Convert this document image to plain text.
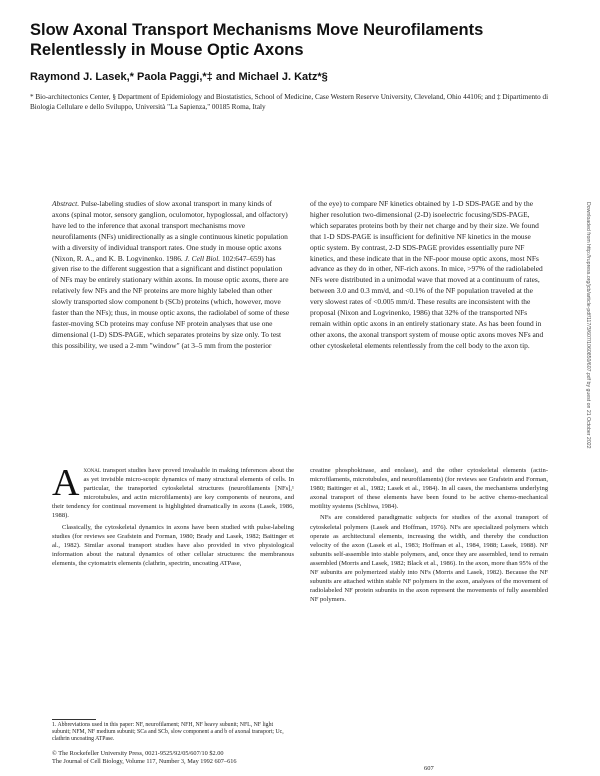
Slow Axonal Transport Mechanisms Move Neurofilaments Relentlessly in Mouse Optic Axons

Raymond J. Lasek,* Paola Paggi,*‡ and Michael J. Katz*§

* Bio-architectonics Center, § Department of Epidemiology and Biostatistics, School of Medicine, Case Western Reserve University, Cleveland, Ohio 44106; and ‡ Dipartimento di Biologia Cellulare e dello Sviluppo, Università "La Sapienza," 00185 Roma, Italy

Abstract. Pulse-labeling studies of slow axonal transport in many kinds of axons (spinal motor, sensory ganglion, oculomotor, hypoglossal, and olfactory) have led to the inference that axonal transport mechanisms move neurofilaments (NFs) unidirectionally as a single continuous kinetic population with a diversity of individual transport rates. One study in mouse optic axons (Nixon, R. A., and K. B. Logvinenko. 1986. J. Cell Biol. 102:647–659) has given rise to the different suggestion that a significant and distinct population of NFs may be entirely stationary within axons. In mouse optic axons, there are relatively few NFs and the NF proteins are more highly labeled than other slowly transported slow component b (SCb) proteins (which, however, move faster than the NFs); thus, in mouse optic axons, the radiolabel of some of these faster-moving SCb proteins may confuse NF protein analyses that use one dimensional (1-D) SDS-PAGE, which separates proteins by size only. To test this possibility, we used a 2-mm "window" (at 3–5 mm from the posterior
of the eye) to compare NF kinetics obtained by 1-D SDS-PAGE and by the higher resolution two-dimensional (2-D) isoelectric focusing/SDS-PAGE, which separates proteins both by their net charge and by their size. We found that 1-D SDS-PAGE is insufficient for definitive NF kinetics in the mouse optic system. By contrast, 2-D SDS-PAGE provides essentially pure NF kinetics, and these indicate that in the NF-poor mouse optic axons, most NFs advance as they do in other, NF-rich axons. In mice, >97% of the radiolabeled NFs were distributed in a unimodal wave that moved at a continuum of rates, between 3.0 and 0.3 mm/d, and <0.1% of the NF population traveled at the very slowest rates of <0.005 mm/d. These results are inconsistent with the proposal (Nixon and Logvinenko, 1986) that 32% of the transported NFs remain within optic axons in an entirely stationary state. As has been found in other axons, the axonal transport system of mouse optic axons moves NFs and other cytoskeletal elements relentlessly from the cell body to the axon tip.

Axonal transport studies have proved invaluable in making inferences about the as yet invisible micro-scopic dynamics of many structural elements of cells. In particular, the transported cytoskeletal structures (neurofilaments [NFs],¹ microtubules, and actin microfilaments) are key components of neurons, and their tendency for continual movement is highlighted dramatically in axons (Lasek, 1986, 1988).

Classically, the cytoskeletal dynamics in axons have been studied with pulse-labeling studies (for reviews see Grafstein and Forman, 1980; Brady and Lasek, 1982; Baitinger et al., 1982). Similar axonal transport studies have also provided in vivo physiological information about the natural dynamics of other cellular structures: the membranous elements, the cytomatrix elements (clathrin, spectrin, uncoating ATPase,

creatine phosphokinase, and enolase), and the other cytoskeletal elements (actin-microfilaments, microtubules, and neurofilaments) (for reviews see Grafstein and Forman, 1980; Baitinger et al., 1982; Lasek et al., 1984). In all cases, the mechanisms underlying axonal transport of these elements have been found to be active chemo-mechanical motility systems (Schliwa, 1984).

NFs are considered paradigmatic subjects for studies of the axonal transport of cytoskeletal polymers (Lasek and Hoffman, 1976). NFs are specialized polymers which operate as architectural elements, increasing the width, and thereby the conduction velocity of the axon (Lasek et al., 1983; Hoffman et al., 1984, 1988; Lasek, 1988). NF subunits self-assemble into stable polymers, and, once they are assembled, tend to remain assembled (Morris and Lasek, 1982; Black et al., 1986). In the axon, more than 95% of the NF subunits are polymerized stably into NFs (Morris and Lasek, 1982). Because the NF subunits are attached within stable NF polymers in the axon, analyses of the movement of radiolabeled NF protein subunits in the axon represent the movements of fully assembled NF polymers.

1. Abbreviations used in this paper: NF, neurofilament; NFH, NF heavy subunit; NFL, NF light subunit; NFM, NF medium subunit; SCa and SCb, slow component a and b of axonal transport; Uc, clathrin uncoating ATPase.

© The Rockefeller University Press, 0021-9525/92/05/607/10 $2.00
The Journal of Cell Biology, Volume 117, Number 3, May 1992 607–616

607

Downloaded from http://rupress.org/jcb/article-pdf/117/3/607/1060850/607.pdf by guest on 21 October 2022
